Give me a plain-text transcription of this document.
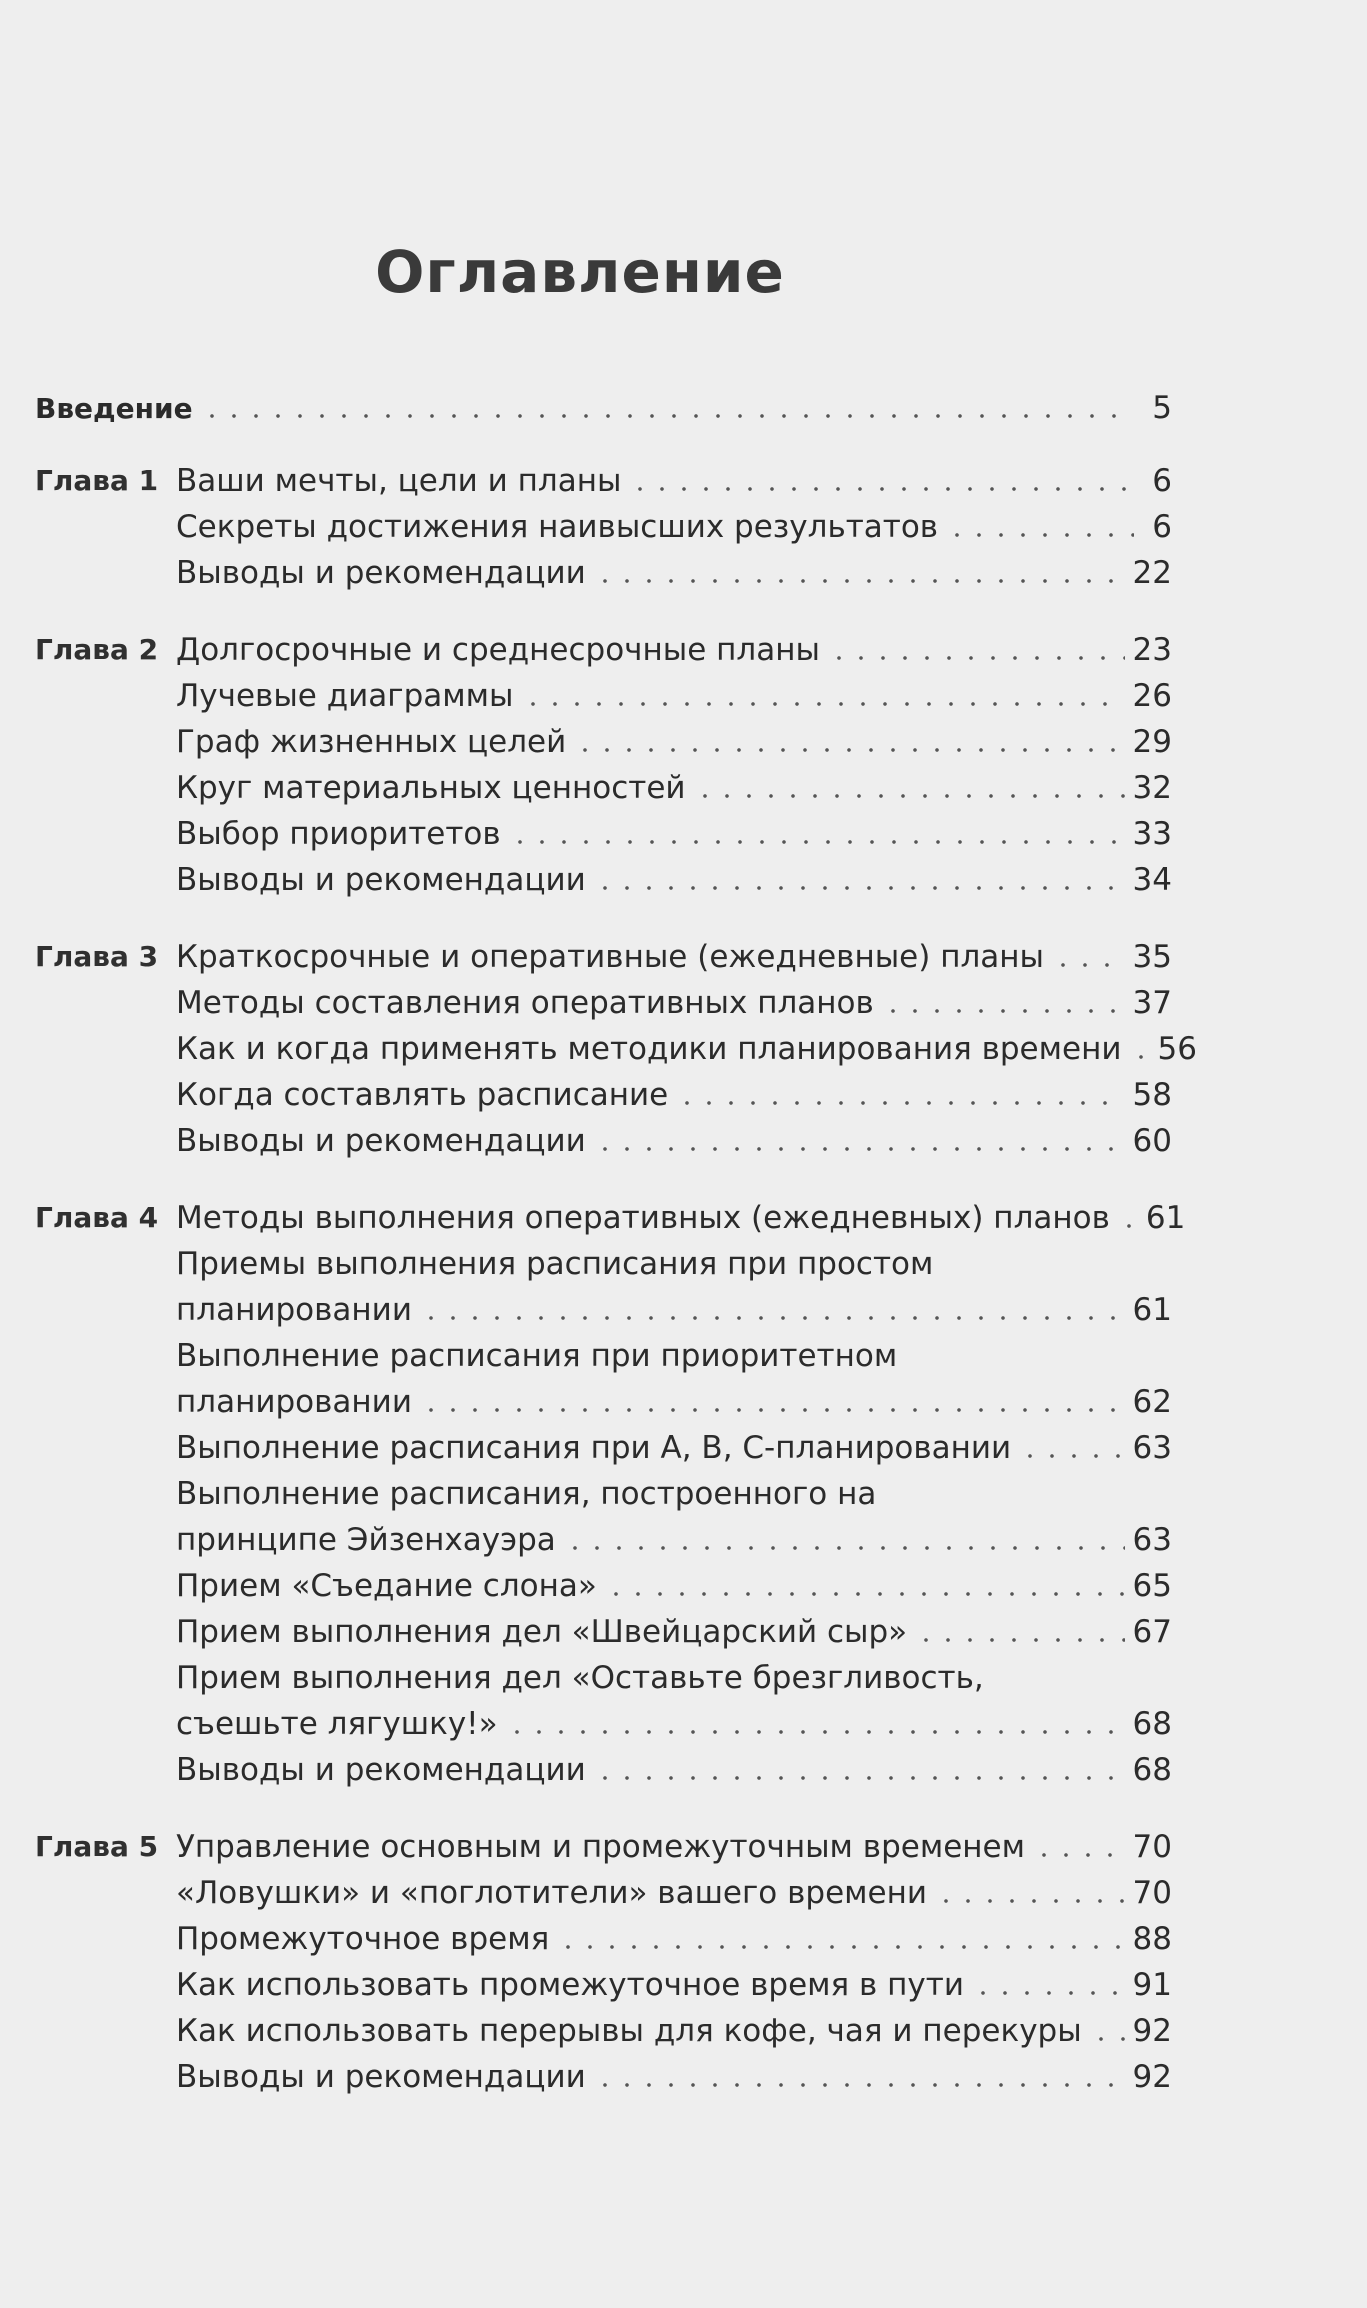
Оглавление
Введение	5
Глава 1 Ваши мечты, цели и планы	6
Секреты достижения наивысших результатов	6
Выводы и рекомендации	22
Глава 2 Долгосрочные и среднесрочные планы	23
Лучевые диаграммы	26
Граф жизненных целей	29
Круг материальных ценностей	32
Выбор приоритетов	33
Выводы и рекомендации	34
Глава 3 Краткосрочные и оперативные (ежедневные) планы	35
Методы составления оперативных планов	37
Как и когда применять методики планирования времени 56
Когда составлять расписание	58
Выводы и рекомендации	60
Глава 4 Методы выполнения оперативных (ежедневных) планов 61
Приемы выполнения расписания при простом
планировании	61
Выполнение расписания при приоритетном
планировании	62
Выполнение расписания при А, В, С-планировании	63
Выполнение расписания, построенного на
принципе Эйзенхауэра	63
Прием «Съедание слона»	65
Прием выполнения дел «Швейцарский сыр»	67
Прием выполнения дел «Оставьте брезгливость,
съешьте лягушку!»	68
Выводы и рекомендации	68
Глава 5 Управление основным и промежуточным временем	70
«Ловушки» и «поглотители» вашего времени	70
Промежуточное время	88
Как использовать промежуточное время в пути	91
Как использовать перерывы для кофе, чая и перекуры 92
Выводы и рекомендации	92
